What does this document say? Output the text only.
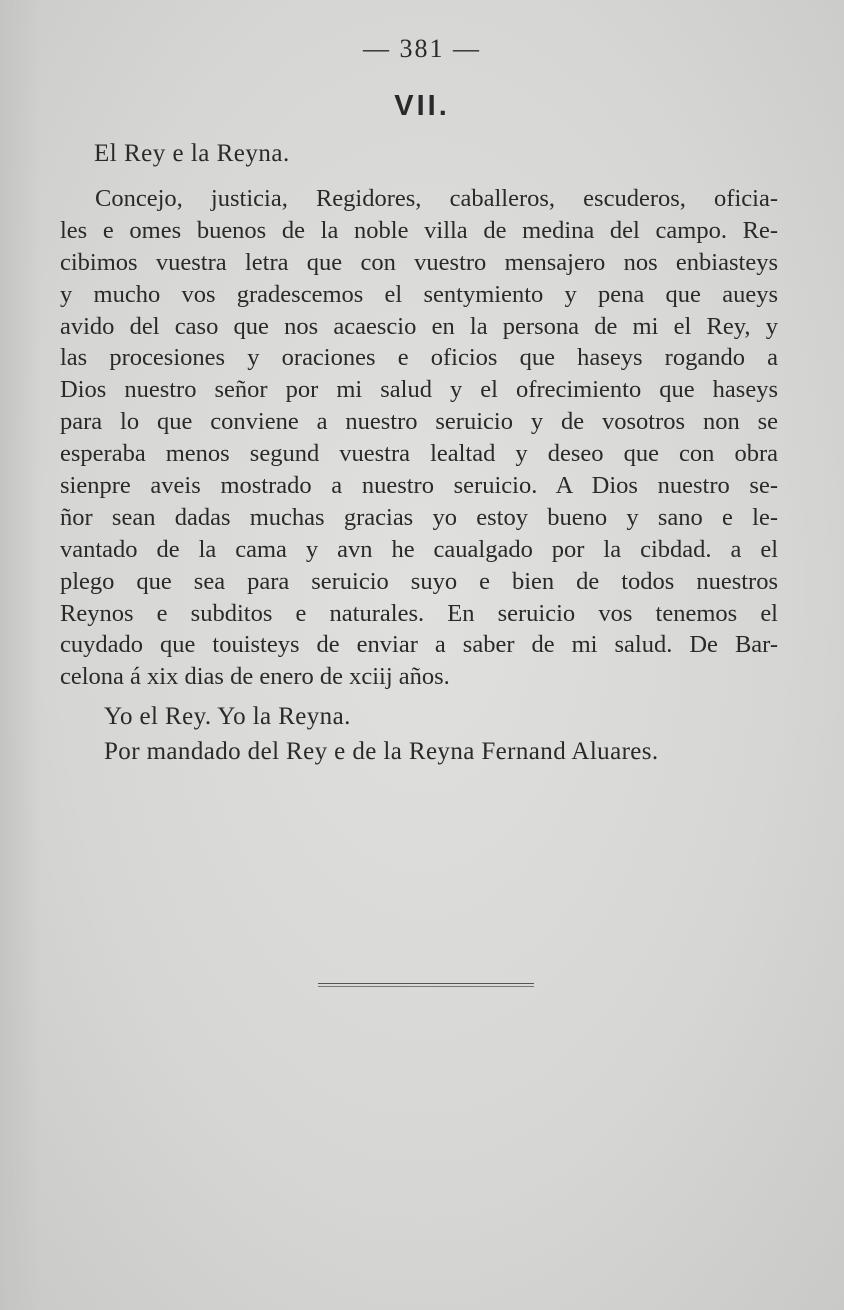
— 381 —
VII.
El Rey e la Reyna.
Concejo, justicia, Regidores, caballeros, escuderos, oficia-
les e omes buenos de la noble villa de medina del campo. Re-
cibimos vuestra letra que con vuestro mensajero nos enbiasteys
y mucho vos gradescemos el sentymiento y pena que aueys
avido del caso que nos acaescio en la persona de mi el Rey, y
las procesiones y oraciones e oficios que haseys rogando a
Dios nuestro señor por mi salud y el ofrecimiento que haseys
para lo que conviene a nuestro seruicio y de vosotros non se
esperaba menos segund vuestra lealtad y deseo que con obra
sienpre aveis mostrado a nuestro seruicio. A Dios nuestro se-
ñor sean dadas muchas gracias yo estoy bueno y sano e le-
vantado de la cama y avn he caualgado por la cibdad. a el
plego que sea para seruicio suyo e bien de todos nuestros
Reynos e subditos e naturales. En seruicio vos tenemos el
cuydado que touisteys de enviar a saber de mi salud. De Bar-
celona á xix dias de enero de xciij años.
Yo el Rey. Yo la Reyna.
Por mandado del Rey e de la Reyna Fernand Aluares.
